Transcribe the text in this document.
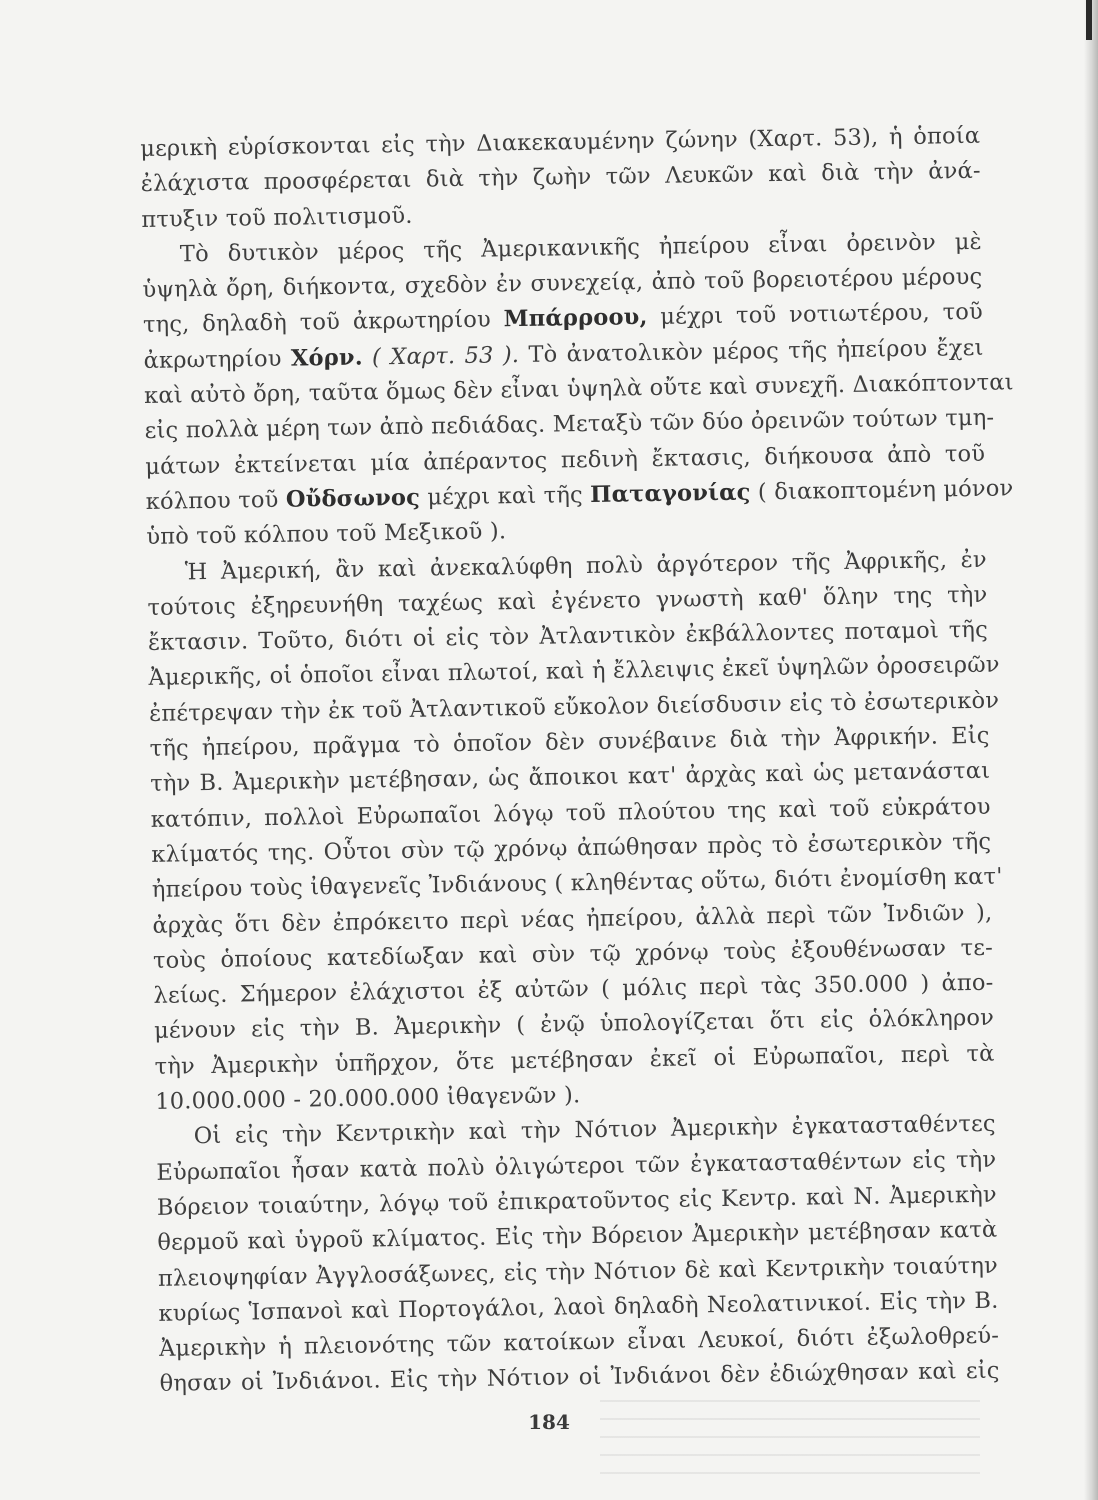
μερικὴ εὑρίσκονται εἰς τὴν Διακεκαυμένην ζώνην (Χαρτ. 53), ἡ ὁποία
ἐλάχιστα προσφέρεται διὰ τὴν ζωὴν τῶν Λευκῶν καὶ διὰ τὴν ἀνά-
πτυξιν τοῦ πολιτισμοῦ.
Τὸ δυτικὸν μέρος τῆς Ἀμερικανικῆς ἠπείρου εἶναι ὀρεινὸν μὲ
ὑψηλὰ ὄρη, διήκοντα, σχεδὸν ἐν συνεχείᾳ, ἀπὸ τοῦ βορειοτέρου μέρους
της, δηλαδὴ τοῦ ἀκρωτηρίου Μπάρροου, μέχρι τοῦ νοτιωτέρου, τοῦ
ἀκρωτηρίου Χόρν. ( Χαρτ. 53 ). Τὸ ἀνατολικὸν μέρος τῆς ἠπείρου ἔχει
καὶ αὐτὸ ὄρη, ταῦτα ὅμως δὲν εἶναι ὑψηλὰ οὔτε καὶ συνεχῆ. Διακόπτονται
εἰς πολλὰ μέρη των ἀπὸ πεδιάδας. Μεταξὺ τῶν δύο ὀρεινῶν τούτων τμη-
μάτων ἐκτείνεται μία ἀπέραντος πεδινὴ ἔκτασις, διήκουσα ἀπὸ τοῦ
κόλπου τοῦ Οὔδσωνος μέχρι καὶ τῆς Παταγονίας ( διακοπτομένη μόνον
ὑπὸ τοῦ κόλπου τοῦ Μεξικοῦ ).
Ἡ Ἀμερική, ἂν καὶ ἀνεκαλύφθη πολὺ ἀργότερον τῆς Ἀφρικῆς, ἐν
τούτοις ἐξηρευνήθη ταχέως καὶ ἐγένετο γνωστὴ καθ' ὅλην της τὴν
ἔκτασιν. Τοῦτο, διότι οἱ εἰς τὸν Ἀτλαντικὸν ἐκβάλλοντες ποταμοὶ τῆς
Ἀμερικῆς, οἱ ὁποῖοι εἶναι πλωτοί, καὶ ἡ ἔλλειψις ἐκεῖ ὑψηλῶν ὀροσειρῶν
ἐπέτρεψαν τὴν ἐκ τοῦ Ἀτλαντικοῦ εὔκολον διείσδυσιν εἰς τὸ ἐσωτερικὸν
τῆς ἠπείρου, πρᾶγμα τὸ ὁποῖον δὲν συνέβαινε διὰ τὴν Ἀφρικήν. Εἰς
τὴν Β. Ἀμερικὴν μετέβησαν, ὡς ἄποικοι κατ' ἀρχὰς καὶ ὡς μετανάσται
κατόπιν, πολλοὶ Εὐρωπαῖοι λόγῳ τοῦ πλούτου της καὶ τοῦ εὐκράτου
κλίματός της. Οὗτοι σὺν τῷ χρόνῳ ἀπώθησαν πρὸς τὸ ἐσωτερικὸν τῆς
ἠπείρου τοὺς ἰθαγενεῖς Ἰνδιάνους ( κληθέντας οὕτω, διότι ἐνομίσθη κατ'
ἀρχὰς ὅτι δὲν ἐπρόκειτο περὶ νέας ἠπείρου, ἀλλὰ περὶ τῶν Ἰνδιῶν ),
τοὺς ὁποίους κατεδίωξαν καὶ σὺν τῷ χρόνῳ τοὺς ἐξουθένωσαν τε-
λείως. Σήμερον ἐλάχιστοι ἐξ αὐτῶν ( μόλις περὶ τὰς 350.000 ) ἀπο-
μένουν εἰς τὴν Β. Ἀμερικὴν ( ἐνῷ ὑπολογίζεται ὅτι εἰς ὁλόκληρον
τὴν Ἀμερικὴν ὑπῆρχον, ὅτε μετέβησαν ἐκεῖ οἱ Εὐρωπαῖοι, περὶ τὰ
10.000.000 - 20.000.000 ἰθαγενῶν ).
Οἱ εἰς τὴν Κεντρικὴν καὶ τὴν Νότιον Ἀμερικὴν ἐγκατασταθέντες
Εὐρωπαῖοι ἦσαν κατὰ πολὺ ὀλιγώτεροι τῶν ἐγκατασταθέντων εἰς τὴν
Βόρειον τοιαύτην, λόγῳ τοῦ ἐπικρατοῦντος εἰς Κεντρ. καὶ Ν. Ἀμερικὴν
θερμοῦ καὶ ὑγροῦ κλίματος. Εἰς τὴν Βόρειον Ἀμερικὴν μετέβησαν κατὰ
πλειοψηφίαν Ἀγγλοσάξωνες, εἰς τὴν Νότιον δὲ καὶ Κεντρικὴν τοιαύτην
κυρίως Ἱσπανοὶ καὶ Πορτογάλοι, λαοὶ δηλαδὴ Νεολατινικοί. Εἰς τὴν Β.
Ἀμερικὴν ἡ πλειονότης τῶν κατοίκων εἶναι Λευκοί, διότι ἐξωλοθρεύ-
θησαν οἱ Ἰνδιάνοι. Εἰς τὴν Νότιον οἱ Ἰνδιάνοι δὲν ἐδιώχθησαν καὶ εἰς
184
